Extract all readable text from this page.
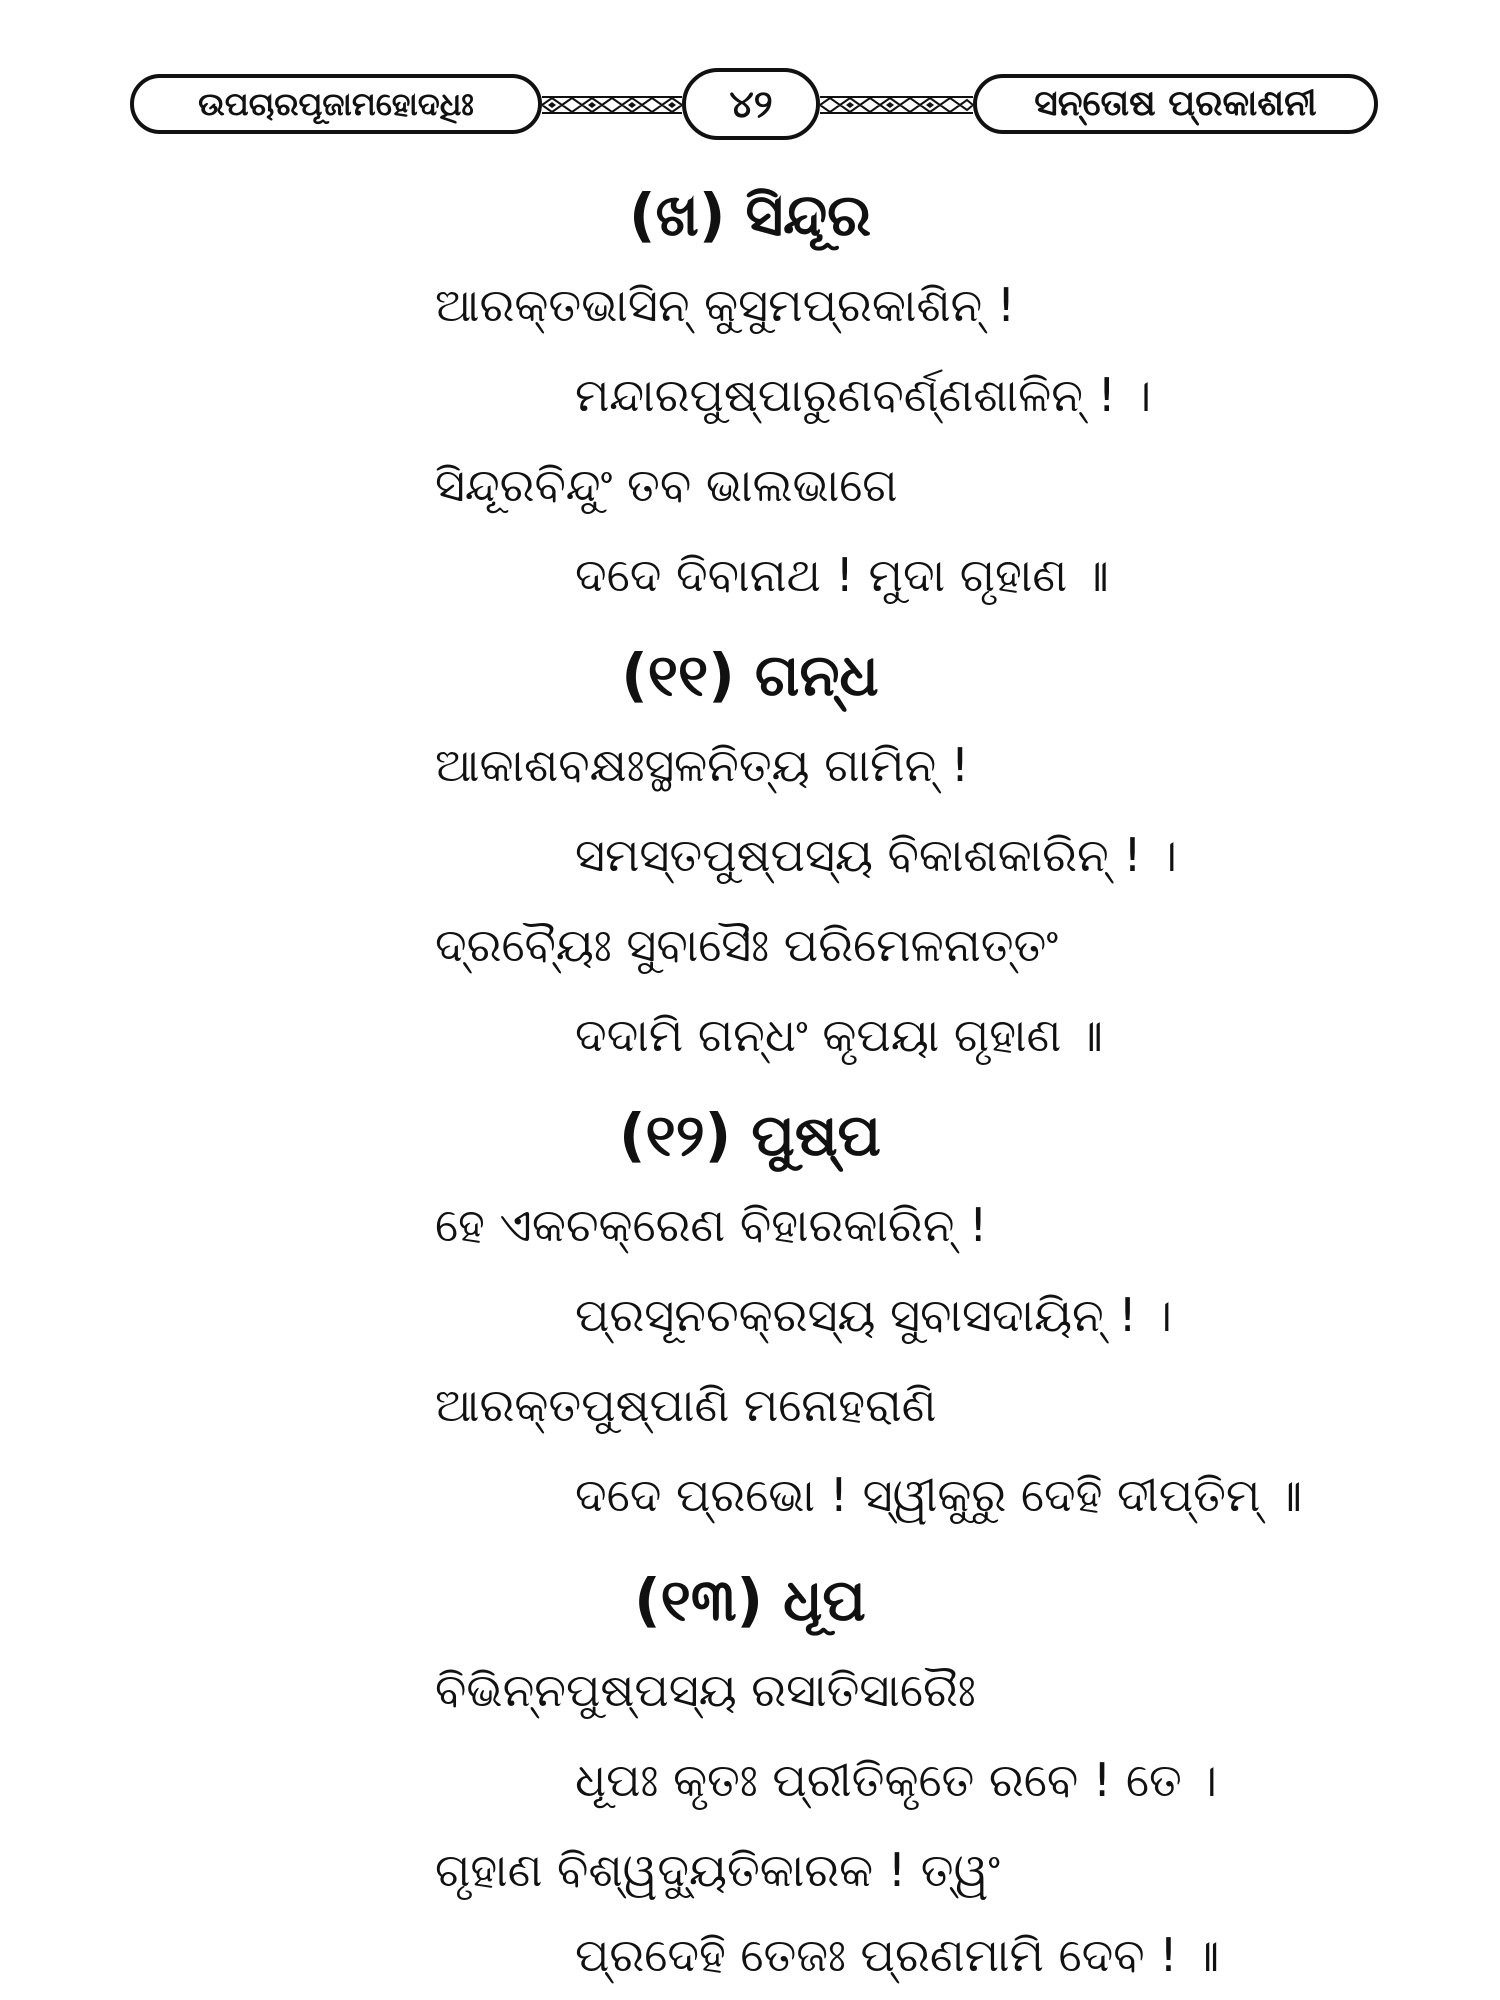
ଉପଚାରପୂଜାମହୋଦଧିଃ	୪୨	ସନ୍ତୋଷ ପ୍ରକାଶନୀ
(ଖ) ସିନ୍ଦୂର
ଆରକ୍ତଭାସିନ୍ କୁସୁମପ୍ରକାଶିନ୍ !
ମନ୍ଦାରପୁଷ୍ପାରୁଣବର୍ଣ୍ଣଶାଳିନ୍ ! ।
ସିନ୍ଦୂରବିନ୍ଦୁଂ ତବ ଭାଲଭାଗେ
ଦଦେ ଦିବାନାଥ ! ମୁଦା ଗୃହାଣ ॥
(୧୧) ଗନ୍ଧ
ଆକାଶବକ୍ଷଃସ୍ଥଳନିତ୍ୟ ଗାମିନ୍ !
ସମସ୍ତପୁଷ୍ପସ୍ୟ ବିକାଶକାରିନ୍ ! ।
ଦ୍ରବ୍ୟୈଃ ସୁବାସୈଃ ପରିମେଳନାତ୍ତଂ
ଦଦାମି ଗନ୍ଧଂ କୃପୟା ଗୃହାଣ ॥
(୧୨) ପୁଷ୍ପ
ହେ ଏକଚକ୍ରେଣ ବିହାରକାରିନ୍ !
ପ୍ରସୂନଚକ୍ରସ୍ୟ ସୁବାସଦାୟିନ୍ ! ।
ଆରକ୍ତପୁଷ୍ପାଣି ମନୋହରାଣି
ଦଦେ ପ୍ରଭୋ ! ସ୍ୱୀକୁରୁ ଦେହି ଦୀପ୍ତିମ୍ ॥
(୧୩) ଧୂପ
ବିଭିନ୍ନପୁଷ୍ପସ୍ୟ ରସାତିସାରୈଃ
ଧୂପଃ କୃତଃ ପ୍ରୀତିକୃତେ ରବେ ! ତେ ।
ଗୃହାଣ ବିଶ୍ୱଦ୍ୟୁତିକାରକ ! ତ୍ୱଂ
ପ୍ରଦେହି ତେଜଃ ପ୍ରଣମାମି ଦେବ ! ॥
